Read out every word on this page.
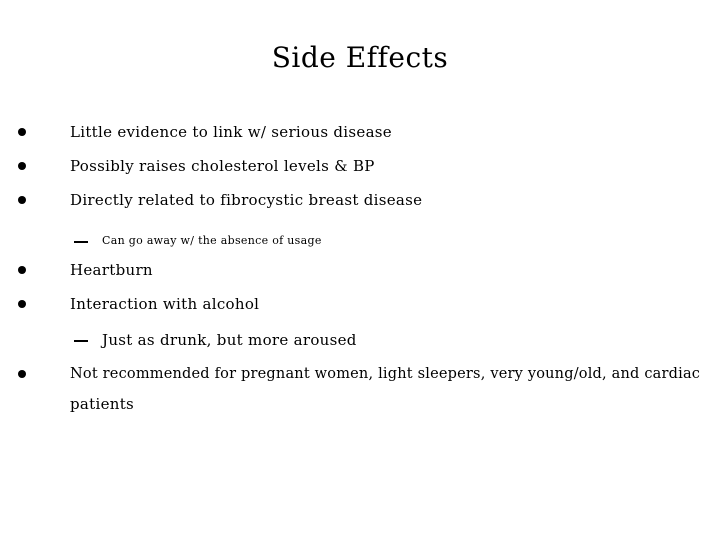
Side Effects
Little evidence to link w/ serious disease
Possibly raises cholesterol levels & BP
Directly related to fibrocystic breast disease
Can go away w/ the absence of usage
Heartburn
Interaction with alcohol
Just as drunk, but more aroused
Not recommended for pregnant women, light sleepers, very young/old, and cardiac
patients
